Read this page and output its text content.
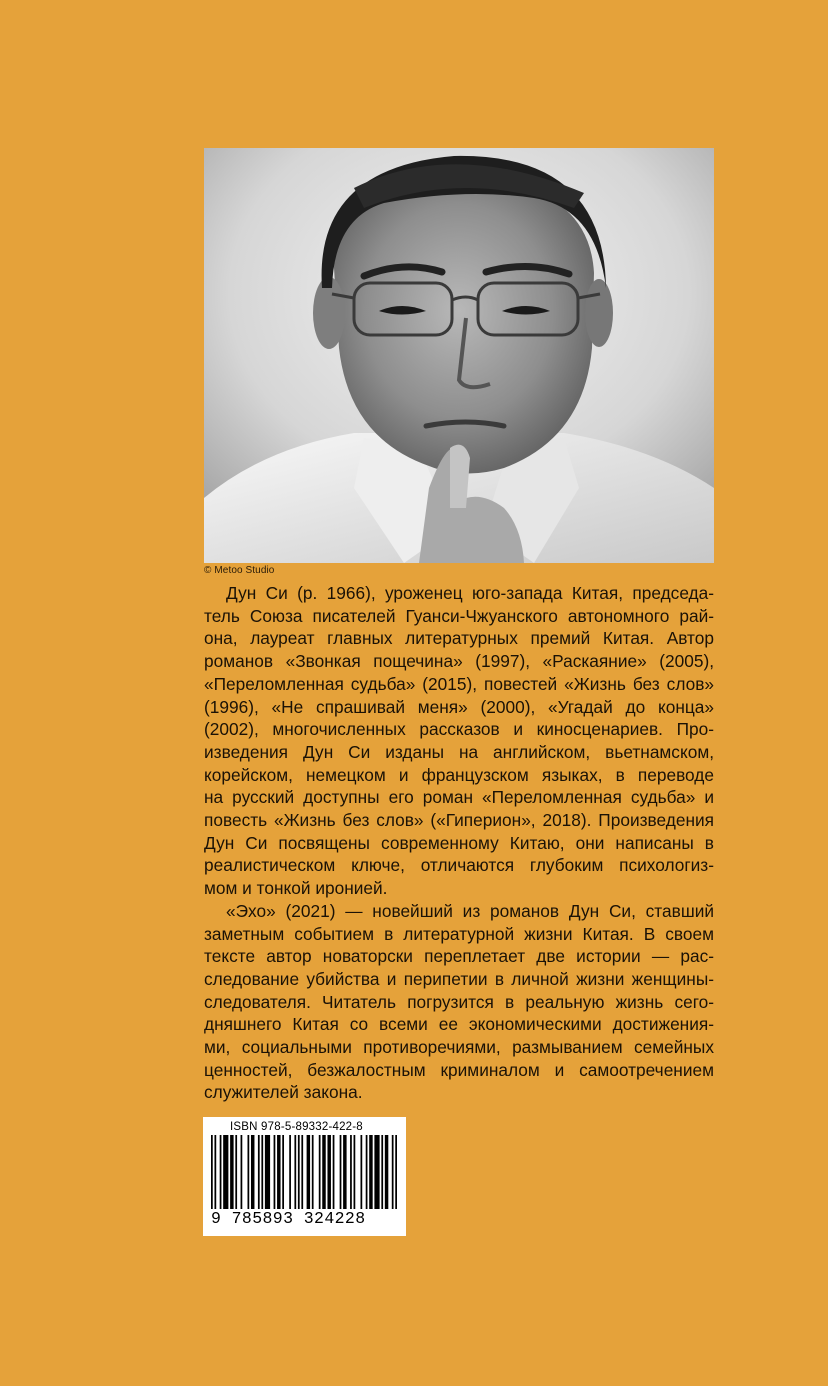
© Metoo Studio
Дун Си (р. 1966), уроженец юго-запада Китая, председа-
тель Союза писателей Гуанси-Чжуанского автономного рай-
она, лауреат главных литературных премий Китая. Автор
романов «Звонкая пощечина» (1997), «Раскаяние» (2005),
«Переломленная судьба» (2015), повестей «Жизнь без слов»
(1996), «Не спрашивай меня» (2000), «Угадай до конца»
(2002), многочисленных рассказов и киносценариев. Про-
изведения Дун Си изданы на английском, вьетнамском,
корейском, немецком и французском языках, в переводе
на русский доступны его роман «Переломленная судьба» и
повесть «Жизнь без слов» («Гиперион», 2018). Произведения
Дун Си посвящены современному Китаю, они написаны в
реалистическом ключе, отличаются глубоким психологиз-
мом и тонкой иронией.
«Эхо» (2021) — новейший из романов Дун Си, ставший
заметным событием в литературной жизни Китая. В своем
тексте автор новаторски переплетает две истории — рас-
следование убийства и перипетии в личной жизни женщины-
следователя. Читатель погрузится в реальную жизнь сего-
дняшнего Китая со всеми ее экономическими достижения-
ми, социальными противоречиями, размыванием семейных
ценностей, безжалостным криминалом и самоотречением
служителей закона.
ISBN 978-5-89332-422-8
9 785893 324228
